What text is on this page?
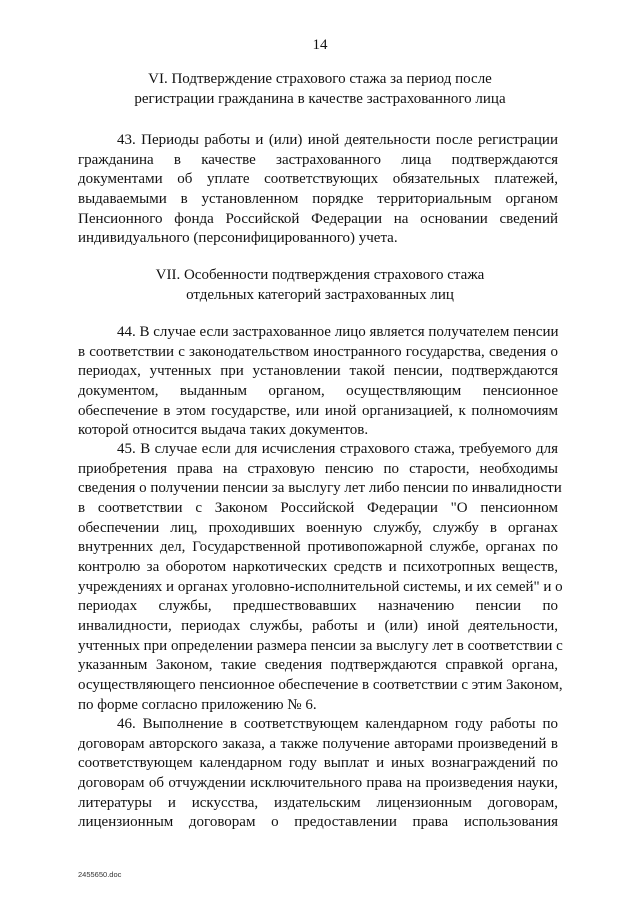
14
VI. Подтверждение страхового стажа за период после
регистрации гражданина в качестве застрахованного лица
43. Периоды работы и (или) иной деятельности после регистрации
гражданина в качестве застрахованного лица подтверждаются
документами об уплате соответствующих обязательных платежей,
выдаваемыми в установленном порядке территориальным органом
Пенсионного фонда Российской Федерации на основании сведений
индивидуального (персонифицированного) учета.
VII. Особенности подтверждения страхового стажа
отдельных категорий застрахованных лиц
44. В случае если застрахованное лицо является получателем пенсии
в соответствии с законодательством иностранного государства, сведения о
периодах, учтенных при установлении такой пенсии, подтверждаются
документом, выданным органом, осуществляющим пенсионное
обеспечение в этом государстве, или иной организацией, к полномочиям
которой относится выдача таких документов.
45. В случае если для исчисления страхового стажа, требуемого для
приобретения права на страховую пенсию по старости, необходимы
сведения о получении пенсии за выслугу лет либо пенсии по инвалидности
в соответствии с Законом Российской Федерации "О пенсионном
обеспечении лиц, проходивших военную службу, службу в органах
внутренних дел, Государственной противопожарной службе, органах по
контролю за оборотом наркотических средств и психотропных веществ,
учреждениях и органах уголовно-исполнительной системы, и их семей" и о
периодах службы, предшествовавших назначению пенсии по
инвалидности, периодах службы, работы и (или) иной деятельности,
учтенных при определении размера пенсии за выслугу лет в соответствии с
указанным Законом, такие сведения подтверждаются справкой органа,
осуществляющего пенсионное обеспечение в соответствии с этим Законом,
по форме согласно приложению № 6.
46. Выполнение в соответствующем календарном году работы по
договорам авторского заказа, а также получение авторами произведений в
соответствующем календарном году выплат и иных вознаграждений по
договорам об отчуждении исключительного права на произведения науки,
литературы и искусства, издательским лицензионным договорам,
лицензионным договорам о предоставлении права использования
2455650.doc
